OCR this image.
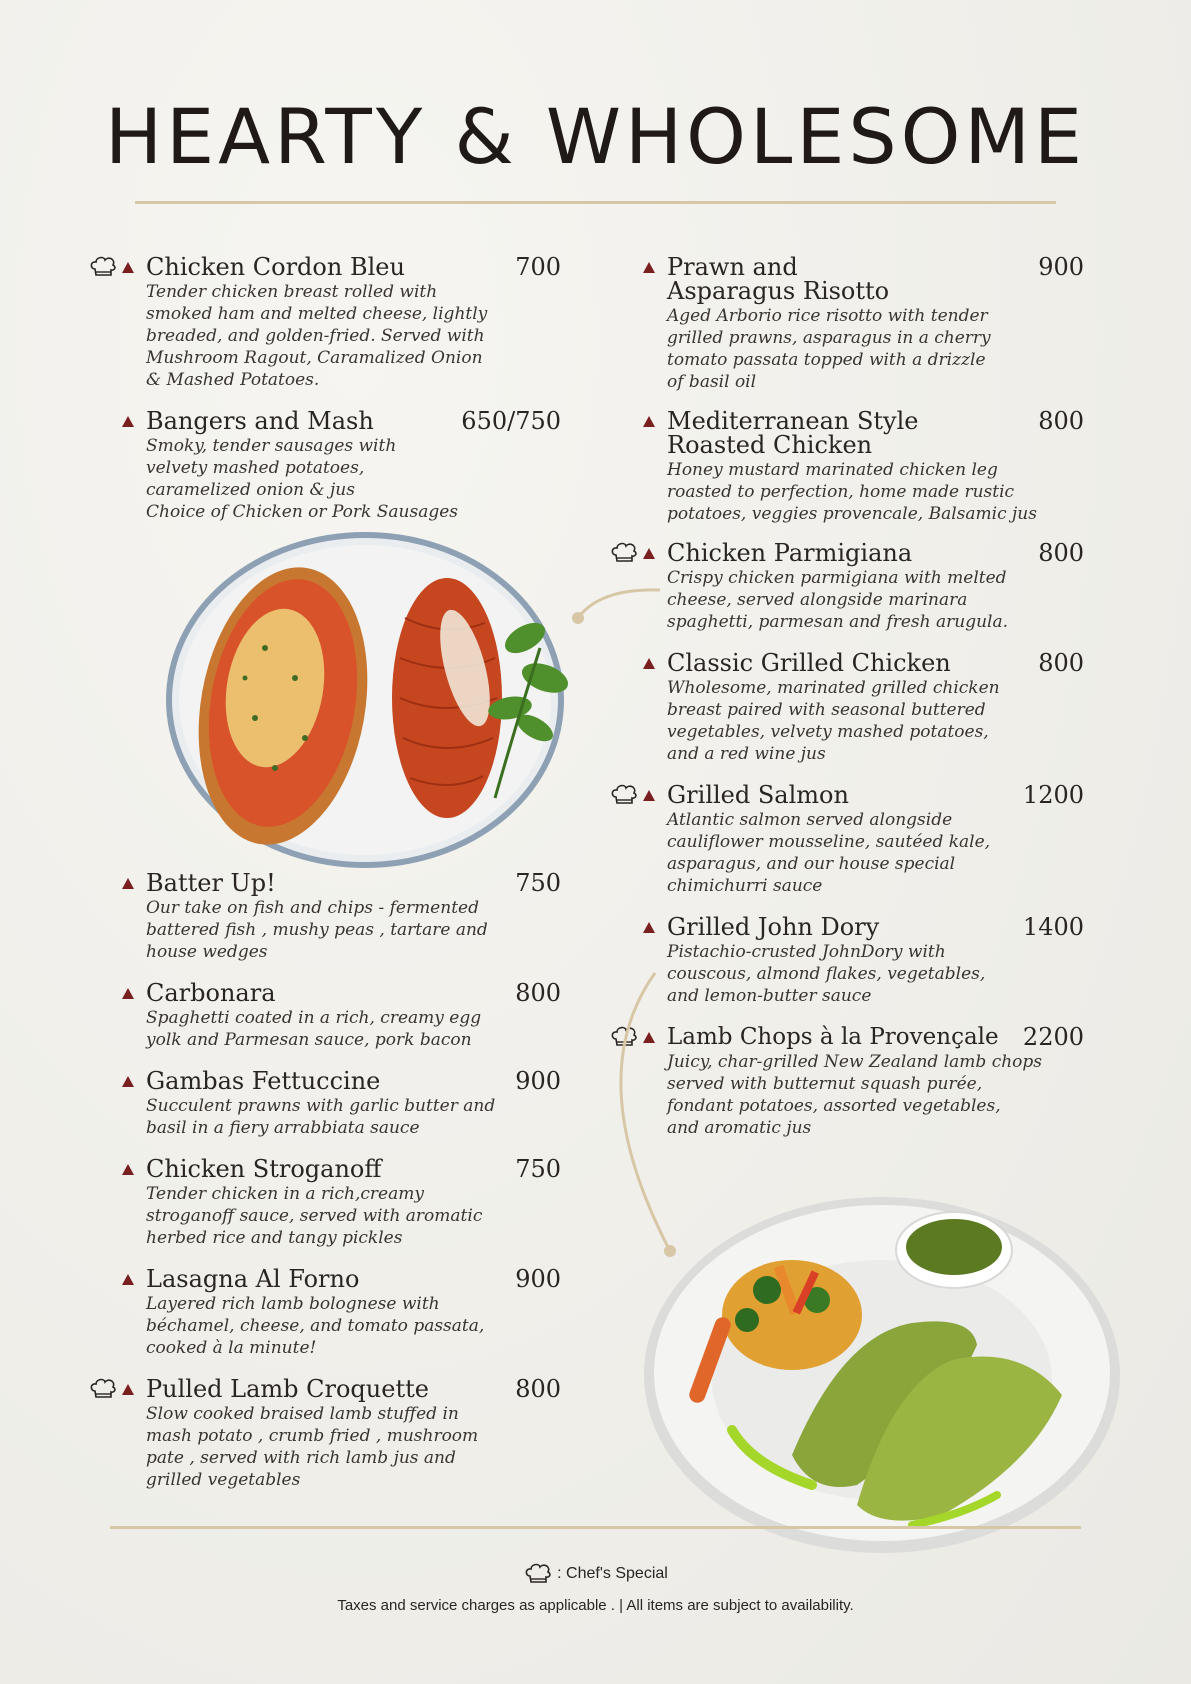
HEARTY & WHOLESOME
Chicken Cordon Bleu	700
Tender chicken breast rolled with
smoked ham and melted cheese, lightly
breaded, and golden-fried. Served with
Mushroom Ragout, Caramalized Onion
& Mashed Potatoes.
Bangers and Mash	650/750
Smoky, tender sausages with
velvety mashed potatoes,
caramelized onion & jus
Choice of Chicken or Pork Sausages
Batter Up!	750
Our take on fish and chips - fermented
battered fish , mushy peas , tartare and
house wedges
Carbonara	800
Spaghetti coated in a rich, creamy egg
yolk and Parmesan sauce, pork bacon
Gambas Fettuccine	900
Succulent prawns with garlic butter and
basil in a fiery arrabbiata sauce
Chicken Stroganoff	750
Tender chicken in a rich,creamy
stroganoff sauce, served with aromatic
herbed rice and tangy pickles
Lasagna Al Forno	900
Layered rich lamb bolognese with
béchamel, cheese, and tomato passata,
cooked à la minute!
Pulled Lamb Croquette	800
Slow cooked braised lamb stuffed in
mash potato , crumb fried , mushroom
pate , served with rich lamb jus and
grilled vegetables
Prawn and
Asparagus Risotto
900
Aged Arborio rice risotto with tender
grilled prawns, asparagus in a cherry
tomato passata topped with a drizzle
of basil oil
Mediterranean Style
Roasted Chicken
800
Honey mustard marinated chicken leg
roasted to perfection, home made rustic
potatoes, veggies provencale, Balsamic jus
Chicken Parmigiana	800
Crispy chicken parmigiana with melted
cheese, served alongside marinara
spaghetti, parmesan and fresh arugula.
Classic Grilled Chicken	800
Wholesome, marinated grilled chicken
breast paired with seasonal buttered
vegetables, velvety mashed potatoes,
and a red wine jus
Grilled Salmon	1200
Atlantic salmon served alongside
cauliflower mousseline, sautéed kale,
asparagus, and our house special
chimichurri sauce
Grilled John Dory	1400
Pistachio-crusted JohnDory with
couscous, almond flakes, vegetables,
and lemon-butter sauce
Lamb Chops à la Provençale	2200
Juicy, char-grilled New Zealand lamb chops
served with butternut squash purée,
fondant potatoes, assorted vegetables,
and aromatic jus
: Chef's Special
Taxes and service charges as applicable . | All items are subject to availability.
